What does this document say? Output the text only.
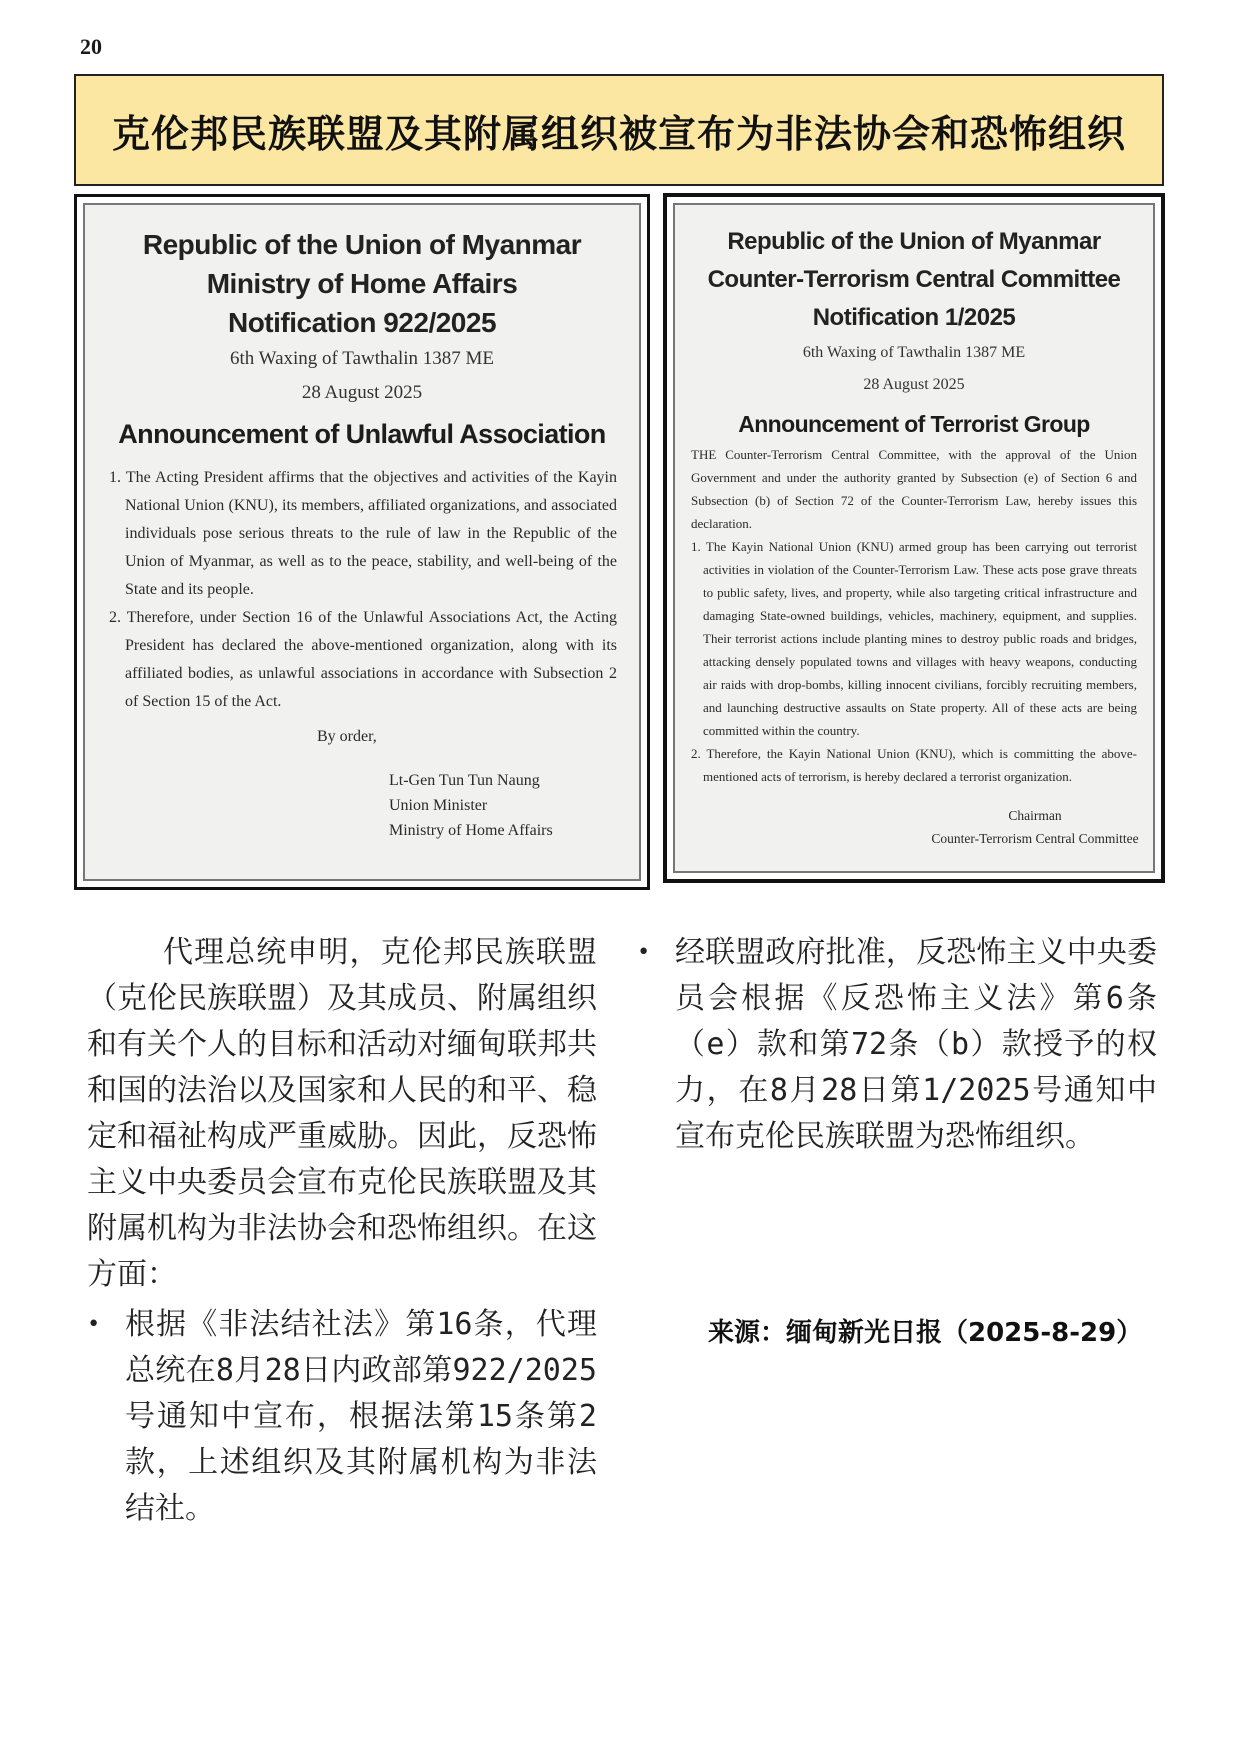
20
克伦邦民族联盟及其附属组织被宣布为非法协会和恐怖组织
Republic of the Union of Myanmar
Ministry of Home Affairs
Notification 922/2025
6th Waxing of Tawthalin 1387 ME
28 August 2025
Announcement of Unlawful Association
1. The Acting President affirms that the objectives and activities of the Kayin National Union (KNU), its members, affiliated organizations, and associated individuals pose serious threats to the rule of law in the Republic of the Union of Myanmar, as well as to the peace, stability, and well-being of the State and its people.
2. Therefore, under Section 16 of the Unlawful Associations Act, the Acting President has declared the above-mentioned organization, along with its affiliated bodies, as unlawful associations in accordance with Subsection 2 of Section 15 of the Act.
By order,
Lt-Gen Tun Tun Naung
Union Minister
Ministry of Home Affairs
Republic of the Union of Myanmar
Counter-Terrorism Central Committee
Notification 1/2025
6th Waxing of Tawthalin 1387 ME
28 August 2025
Announcement of Terrorist Group
THE Counter-Terrorism Central Committee, with the approval of the Union Government and under the authority granted by Subsection (e) of Section 6 and Subsection (b) of Section 72 of the Counter-Terrorism Law, hereby issues this declaration.
1. The Kayin National Union (KNU) armed group has been carrying out terrorist activities in violation of the Counter-Terrorism Law. These acts pose grave threats to public safety, lives, and property, while also targeting critical infrastructure and damaging State-owned buildings, vehicles, machinery, equipment, and supplies. Their terrorist actions include planting mines to destroy public roads and bridges, attacking densely populated towns and villages with heavy weapons, conducting air raids with drop-bombs, killing innocent civilians, forcibly recruiting members, and launching destructive assaults on State property. All of these acts are being committed within the country.
2. Therefore, the Kayin National Union (KNU), which is committing the above-mentioned acts of terrorism, is hereby declared a terrorist organization.
Chairman
Counter-Terrorism Central Committee

代理总统申明，克伦邦民族联盟（克伦民族联盟）及其成员、附属组织和有关个人的目标和活动对缅甸联邦共和国的法治以及国家和人民的和平、稳定和福祉构成严重威胁。因此，反恐怖主义中央委员会宣布克伦民族联盟及其附属机构为非法协会和恐怖组织。在这方面：

• 根据《非法结社法》第16条，代理总统在8月28日内政部第922/2025号通知中宣布，根据法第15条第2款，上述组织及其附属机构为非法结社。

• 经联盟政府批准，反恐怖主义中央委员会根据《反恐怖主义法》第6条（e）款和第72条（b）款授予的权力，在8月28日第1/2025号通知中宣布克伦民族联盟为恐怖组织。

来源：缅甸新光日报（2025-8-29）
